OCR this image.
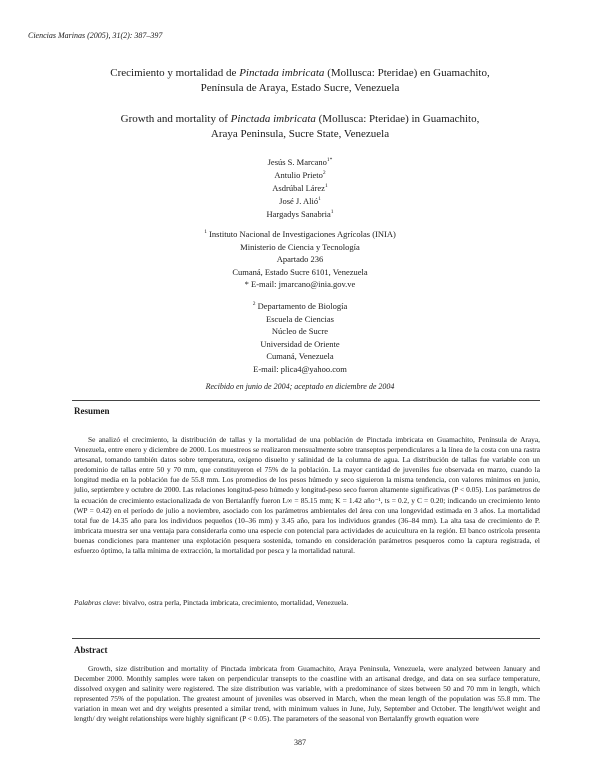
Ciencias Marinas (2005), 31(2): 387–397
Crecimiento y mortalidad de Pinctada imbricata (Mollusca: Pteridae) en Guamachito,
Península de Araya, Estado Sucre, Venezuela
Growth and mortality of Pinctada imbricata (Mollusca: Pteridae) in Guamachito,
Araya Peninsula, Sucre State, Venezuela
Jesús S. Marcano$^{1*}$
Antulio Prieto$^2$
Asdrúbal Lárez$^1$
José J. Alió$^1$
Hargadys Sanabria$^1$
$^1$ Instituto Nacional de Investigaciones Agrícolas (INIA)
Ministerio de Ciencia y Tecnología
Apartado 236
Cumaná, Estado Sucre 6101, Venezuela
* E-mail: jmarcano@inia.gov.ve
$^2$ Departamento de Biología
Escuela de Ciencias
Núcleo de Sucre
Universidad de Oriente
Cumaná, Venezuela
E-mail: plica4@yahoo.com
Recibido en junio de 2004; aceptado en diciembre de 2004
Resumen
Se analizó el crecimiento, la distribución de tallas y la mortalidad de una población de Pinctada imbricata en Guamachito, Península de Araya, Venezuela, entre enero y diciembre de 2000. Los muestreos se realizaron mensualmente sobre transeptos perpendiculares a la línea de la costa con una rastra artesanal, tomando también datos sobre temperatura, oxígeno disuelto y salinidad de la columna de agua. La distribución de tallas fue variable con un predominio de tallas entre 50 y 70 mm, que constituyeron el 75% de la población. La mayor cantidad de juveniles fue observada en marzo, cuando la longitud media en la población fue de 55.8 mm. Los promedios de los pesos húmedo y seco siguieron la misma tendencia, con valores mínimos en junio, julio, septiembre y octubre de 2000. Las relaciones longitud-peso húmedo y longitud-peso seco fueron altamente significativas (P < 0.05). Los parámetros de la ecuación de crecimiento estacionalizada de von Bertalanffy fueron L∞ = 85.15 mm; K = 1.42 año⁻¹, ts = 0.2, y C = 0.20; indicando un crecimiento lento (WP = 0.42) en el período de julio a noviembre, asociado con los parámetros ambientales del área con una longevidad estimada en 3 años. La mortalidad total fue de 14.35 año para los individuos pequeños (10–36 mm) y 3.45 año, para los individuos grandes (36–84 mm). La alta tasa de crecimiento de P. imbricata muestra ser una ventaja para considerarla como una especie con potencial para actividades de acuicultura en la región. El banco ostrícola presenta buenas condiciones para mantener una explotación pesquera sostenida, tomando en consideración parámetros pesqueros como la captura registrada, el esfuerzo óptimo, la talla mínima de extracción, la mortalidad por pesca y la mortalidad natural.
Palabras clave: bivalvo, ostra perla, Pinctada imbricata, crecimiento, mortalidad, Venezuela.
Abstract
Growth, size distribution and mortality of Pinctada imbricata from Guamachito, Araya Peninsula, Venezuela, were analyzed between January and December 2000. Monthly samples were taken on perpendicular transepts to the coastline with an artisanal dredge, and data on sea surface temperature, dissolved oxygen and salinity were registered. The size distribution was variable, with a predominance of sizes between 50 and 70 mm in length, which represented 75% of the population. The greatest amount of juveniles was observed in March, when the mean length of the population was 55.8 mm. The variation in mean wet and dry weights presented a similar trend, with minimum values in June, July, September and October. The length/wet weight and length/ dry weight relationships were highly significant (P < 0.05). The parameters of the seasonal von Bertalanffy growth equation were
387
